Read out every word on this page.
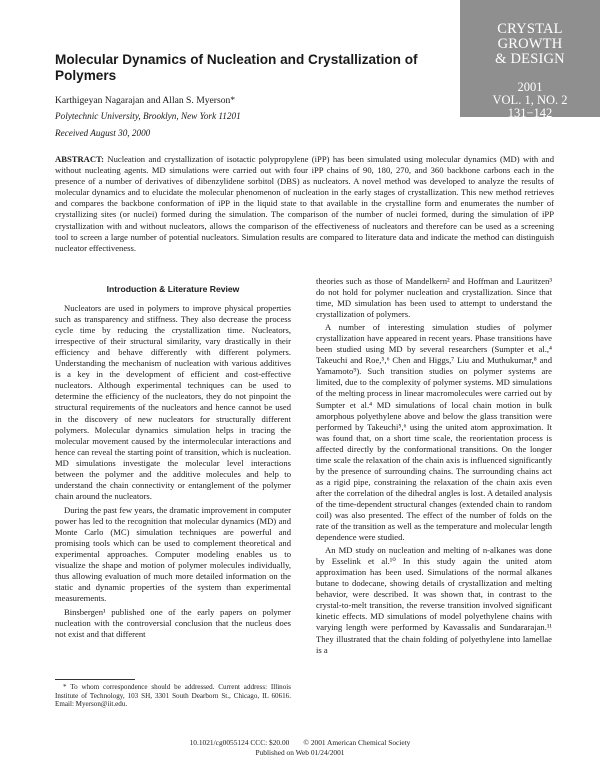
CRYSTAL
GROWTH
& DESIGN
2001
VOL. 1, NO. 2
131−142
Molecular Dynamics of Nucleation and Crystallization of Polymers
Karthigeyan Nagarajan and Allan S. Myerson*
Polytechnic University, Brooklyn, New York 11201
Received August 30, 2000

ABSTRACT: Nucleation and crystallization of isotactic polypropylene (iPP) has been simulated using molecular dynamics (MD) with and without nucleating agents. MD simulations were carried out with four iPP chains of 90, 180, 270, and 360 backbone carbons each in the presence of a number of derivatives of dibenzylidene sorbitol (DBS) as nucleators. A novel method was developed to analyze the results of molecular dynamics and to elucidate the molecular phenomenon of nucleation in the early stages of crystallization. This new method retrieves and compares the backbone conformation of iPP in the liquid state to that available in the crystalline form and enumerates the number of crystallizing sites (or nuclei) formed during the simulation. The comparison of the number of nuclei formed, during the simulation of iPP crystallization with and without nucleators, allows the comparison of the effectiveness of nucleators and therefore can be used as a screening tool to screen a large number of potential nucleators. Simulation results are compared to literature data and indicate the method can distinguish nucleator effectiveness.

Introduction & Literature Review

Nucleators are used in polymers to improve physical properties such as transparency and stiffness. They also decrease the process cycle time by reducing the crystallization time. Nucleators, irrespective of their structural similarity, vary drastically in their efficiency and behave differently with different polymers. Understanding the mechanism of nucleation with various additives is a key in the development of efficient and cost-effective nucleators. Although experimental techniques can be used to determine the efficiency of the nucleators, they do not pinpoint the structural requirements of the nucleators and hence cannot be used in the discovery of new nucleators for structurally different polymers. Molecular dynamics simulation helps in tracing the molecular movement caused by the intermolecular interactions and hence can reveal the starting point of transition, which is nucleation. MD simulations investigate the molecular level interactions between the polymer and the additive molecules and help to understand the chain connectivity or entanglement of the polymer chain around the nucleators.

During the past few years, the dramatic improvement in computer power has led to the recognition that molecular dynamics (MD) and Monte Carlo (MC) simulation techniques are powerful and promising tools which can be used to complement theoretical and experimental approaches. Computer modeling enables us to visualize the shape and motion of polymer molecules individually, thus allowing evaluation of much more detailed information on the static and dynamic properties of the system than experimental measurements.

Binsbergen¹ published one of the early papers on polymer nucleation with the controversial conclusion that the nucleus does not exist and that different

theories such as those of Mandelkern² and Hoffman and Lauritzen³ do not hold for polymer nucleation and crystallization. Since that time, MD simulation has been used to attempt to understand the crystallization of polymers.

A number of interesting simulation studies of polymer crystallization have appeared in recent years. Phase transitions have been studied using MD by several researchers (Sumpter et al.,⁴ Takeuchi and Roe,⁵,⁶ Chen and Higgs,⁷ Liu and Muthukumar,⁸ and Yamamoto⁹). Such transition studies on polymer systems are limited, due to the complexity of polymer systems. MD simulations of the melting process in linear macromolecules were carried out by Sumpter et al.⁴ MD simulations of local chain motion in bulk amorphous polyethylene above and below the glass transition were performed by Takeuchi⁵,⁶ using the united atom approximation. It was found that, on a short time scale, the reorientation process is affected directly by the conformational transitions. On the longer time scale the relaxation of the chain axis is influenced significantly by the presence of surrounding chains. The surrounding chains act as a rigid pipe, constraining the relaxation of the chain axis even after the correlation of the dihedral angles is lost. A detailed analysis of the time-dependent structural changes (extended chain to random coil) was also presented. The effect of the number of folds on the rate of the transition as well as the temperature and molecular length dependence were studied.

An MD study on nucleation and melting of n-alkanes was done by Esselink et al.¹⁰ In this study again the united atom approximation has been used. Simulations of the normal alkanes butane to dodecane, showing details of crystallization and melting behavior, were described. It was shown that, in contrast to the crystal-to-melt transition, the reverse transition involved significant kinetic effects. MD simulations of model polyethylene chains with varying length were performed by Kavassalis and Sundararajan.¹¹ They illustrated that the chain folding of polyethylene into lamellae is a

* To whom correspondence should be addressed. Current address: Illinois Institute of Technology, 103 SH, 3301 South Dearborn St., Chicago, IL 60616. Email: Myerson@iit.edu.

10.1021/cg0055124 CCC: $20.00 © 2001 American Chemical Society
Published on Web 01/24/2001
